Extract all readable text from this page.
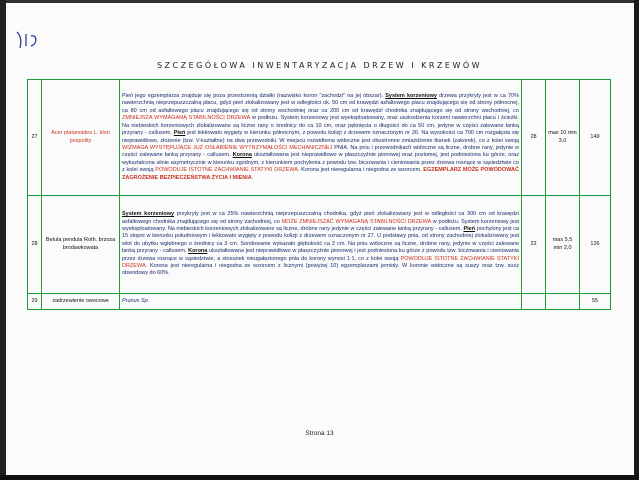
SZCZEGÓŁOWA INWENTARYZACJA DRZEW I KRZEWÓW
27	Acer platanoides L. klon pospolity	Pień jego egzemplarza znajduje się poza przestrzenią działki (nazwisko koron "zachodzi" na jej obszar). System korzeniowy drzewa przykryty jest w ca 70% nawierzchnią nieprzepuszczalną płacu, gdyż pień zlokalizowany jest w odległości ok. 50 cm od krawędzi asfaltowego placu znajdującego się od strony północnej, ca 80 cm od asfaltowego placu znajdującego się od strony wschodniej oraz ca 200 cm od krawędzi chodnika znajdującego się od strony wschodniej, co ZMNIEJSZA WYMAGANĄ STABILNOŚCI DRZEWA w podłożu. System korzeniowy jest wyeksploatowany, oraz uszkodzenia korzeni nawierzchni placu i ścieżki. Na niebieskich korzeniowych zlokalizowane są liczne rany o średnicy do ca 10 cm, oraz pęknięcia o długości do ca 50 cm, jedyne w części zalewane łanką przyrany - callusem. Pień jest lekkowato wygięty w kierunku północnym, z powodu kolizji z drzewem oznaczonym nr 26. Na wysokości ca 700 cm rozgałęzia się nieprawidłowo, złożenie (tzw. V-kształtne) na dwa przewodniki. W miejscu rozwidlenia widoczne jest obustronne zmiażdżenie tkanek (zakorek), co z kolei swoją WIZMAGA WYSTĘPUJĄCE JUŻ OSŁABIENIE WYTRZYMAŁOŚCI MECHANICZNEJ PNIA. Na pniu i przewodnikach widoczne są liczne, drobne rany, jedynie w części zalewane łanką przyrany - callusem. Korona ukształtowana jest nieprawidłowo w płaszczyźnie pionowej oraz poziomej, jest podniesiona ku górze, oraz wykształcona silnie asymetrycznie w kierunku zgodnym, z kierunkiem pochylenia z powodu tzw. biczowania i cieniowania przez drzewa rosnące w sąsiedztwie co z kolei swoją POWODUJE ISTOTNE ZACHWIANIE STATYKI DRZEWA. Korona jest nieregularna i niegodna ze wzorcem. EGZEMPLARZ MOŻE POWODOWAĆ ZAGROŻENIE BEZPIECZEŃSTWA ŻYCIA I MIENIA.	28	max 10 min 3,0	149
28	Betula pendula Roth. brzoza brodawkowata	System korzeniowy przykryty jest w ca 25% nawierzchnią nieprzepuszczalną chodnika, gdyż pień zlokalizowany jest w odległości ca 300 cm od krawędzi asfaltowego chodnika znajdującego się od strony zachodniej, co MOŻE ZMNIEJSZAĆ WYMAGANĄ STABILNOŚCI DRZEWA w podłożu. System korzeniowy jest wyeksploatowany. Na niebieskich korzeniowych zlokalizowane są liczne, drobne rany jedynie w części zalewane łanką przyrany - callusem. Pień pochylony jest ca 15 stopni w kierunku południowym i lekkowato wygięty z powodu kolizji z drzewem oznaczonym nr 27. U podstawy pnia, od strony zachodniej zlokalizowany jest wlot do ubytku wgłębnego o średnicy ca 3 cm. Sondowanie wykazało głębokość ca 2 cm. Na pniu widoczne są liczne, drobne rany, jedynie w części zalewane łanką przyrany - callusem. Korona ukształtowana jest nieprawidłowo w płaszczyźnie pionowej i jest podniesiona ku górze z powodu tzw. biczowania i cieniowania przez drzewa rosnące w sąsiedztwie, a stosunek nieugałęzionego pnia do korony wynosi 1:1, co z kolei swoją POWODUJE ISTOTNE ZACHWIANIE STATYKI DRZEWA. Korona jest nieregularna i niegodna ze wzorcem z licznymi (powyżej 10) egzemplarzami jemioły. W koronie widoczne są suszy oraz tzw. susz obwodowy do 60%.	22	max 5,5 min 2,0	126
29	zadrzewienie owocowe	Prunus Sp.			55
Strona 13
